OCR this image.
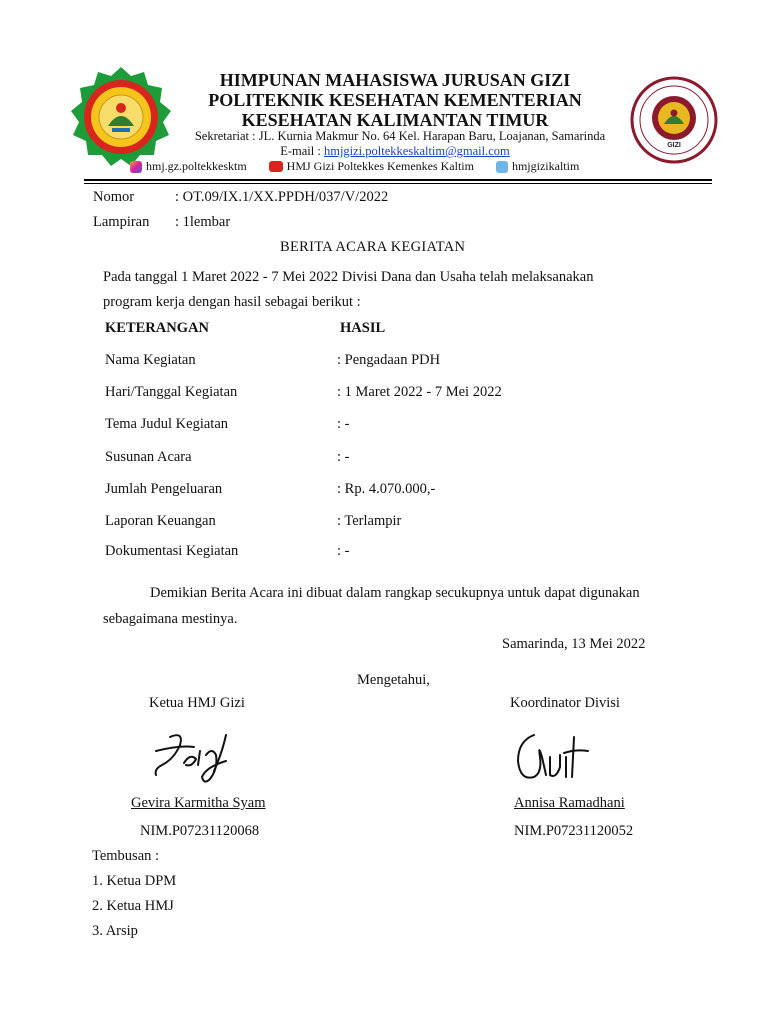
GIZI
HIMPUNAN MAHASISWA JURUSAN GIZI
POLITEKNIK KESEHATAN KEMENTERIAN
KESEHATAN KALIMANTAN TIMUR
Sekretariat : JL. Kurnia Makmur No. 64 Kel. Harapan Baru, Loajanan, Samarinda
E-mail : hmjgizi.poltekkeskaltim@gmail.com
hmj.gz.poltekkesktm	HMJ Gizi Poltekkes Kemenkes Kaltim	hmjgizikaltim
Nomor	: OT.09/IX.1/XX.PPDH/037/V/2022
Lampiran : 1lembar
BERITA ACARA KEGIATAN
Pada tanggal 1 Maret 2022 - 7 Mei 2022 Divisi Dana dan Usaha telah melaksanakan
program kerja dengan hasil sebagai berikut :
KETERANGAN	HASIL
Nama Kegiatan	: Pengadaan PDH
Hari/Tanggal Kegiatan	: 1 Maret 2022 - 7 Mei 2022
Tema Judul Kegiatan	: -
Susunan Acara	: -
Jumlah Pengeluaran	: Rp. 4.070.000,-
Laporan Keuangan	: Terlampir
Dokumentasi Kegiatan	: -
Demikian Berita Acara ini dibuat dalam rangkap secukupnya untuk dapat digunakan
sebagaimana mestinya.
Samarinda, 13 Mei 2022
Mengetahui,
Ketua HMJ Gizi	Koordinator Divisi
Gevira Karmitha Syam	Annisa Ramadhani
NIM.P07231120068	NIM.P07231120052
Tembusan :
1. Ketua DPM
2. Ketua HMJ
3. Arsip
